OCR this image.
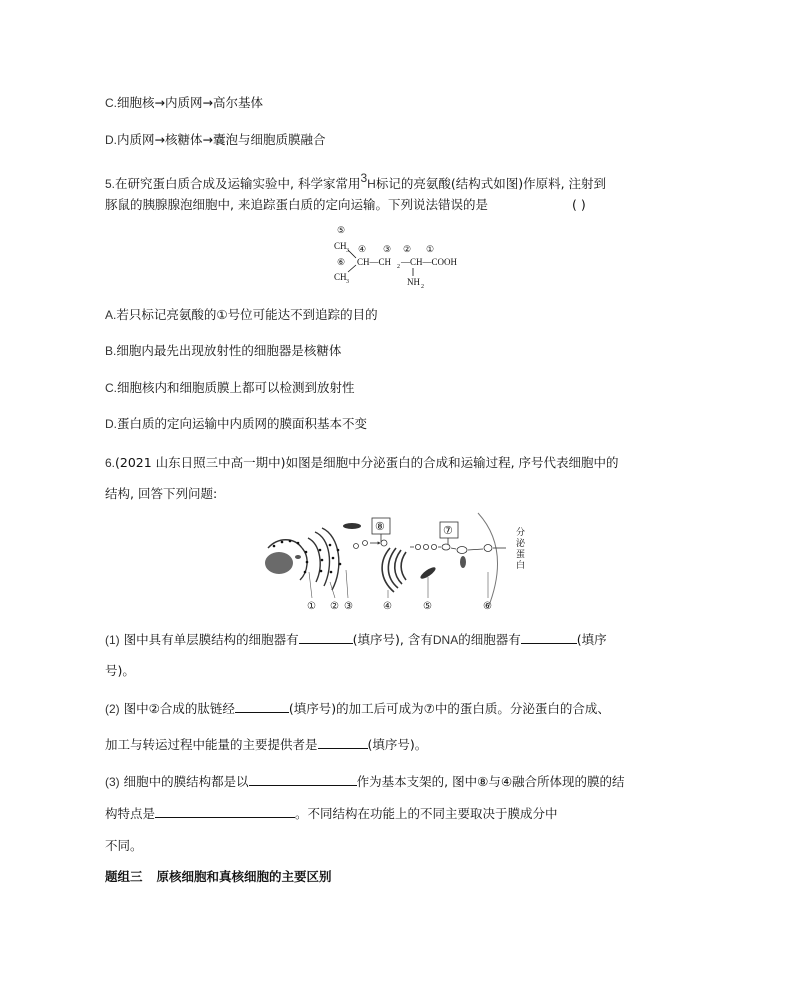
C.细胞核→内质网→高尔基体
D.内质网→核糖体→囊泡与细胞质膜融合
5.在研究蛋白质合成及运输实验中, 科学家常用3H标记的亮氨酸(结构式如图)作原料, 注射到
豚鼠的胰腺腺泡细胞中, 来追踪蛋白质的定向运输。下列说法错误的是	( )
⑤
CH 3
⑥
CH 3
④ ③ ② ①
CH—CH 2 —CH—COOH
NH 2
A.若只标记亮氨酸的①号位可能达不到追踪的目的
B.细胞内最先出现放射性的细胞器是核糖体
C.细胞核内和细胞质膜上都可以检测到放射性
D.蛋白质的定向运输中内质网的膜面积基本不变
6.(2021 山东日照三中高一期中)如图是细胞中分泌蛋白的合成和运输过程, 序号代表细胞中的
结构, 回答下列问题:
⑧	⑦	分
泌
蛋
白
① ② ③	④	⑤	⑥
(1) 图中具有单层膜结构的细胞器有	(填序号), 含有DNA的细胞器有	(填序
号)。
(2) 图中②合成的肽链经	(填序号)的加工后可成为⑦中的蛋白质。分泌蛋白的合成、
加工与转运过程中能量的主要提供者是	(填序号)。
(3) 细胞中的膜结构都是以	作为基本支架的, 图中⑧与④融合所体现的膜的结
构特点是	。不同结构在功能上的不同主要取决于膜成分中
不同。
题组三 原核细胞和真核细胞的主要区别
